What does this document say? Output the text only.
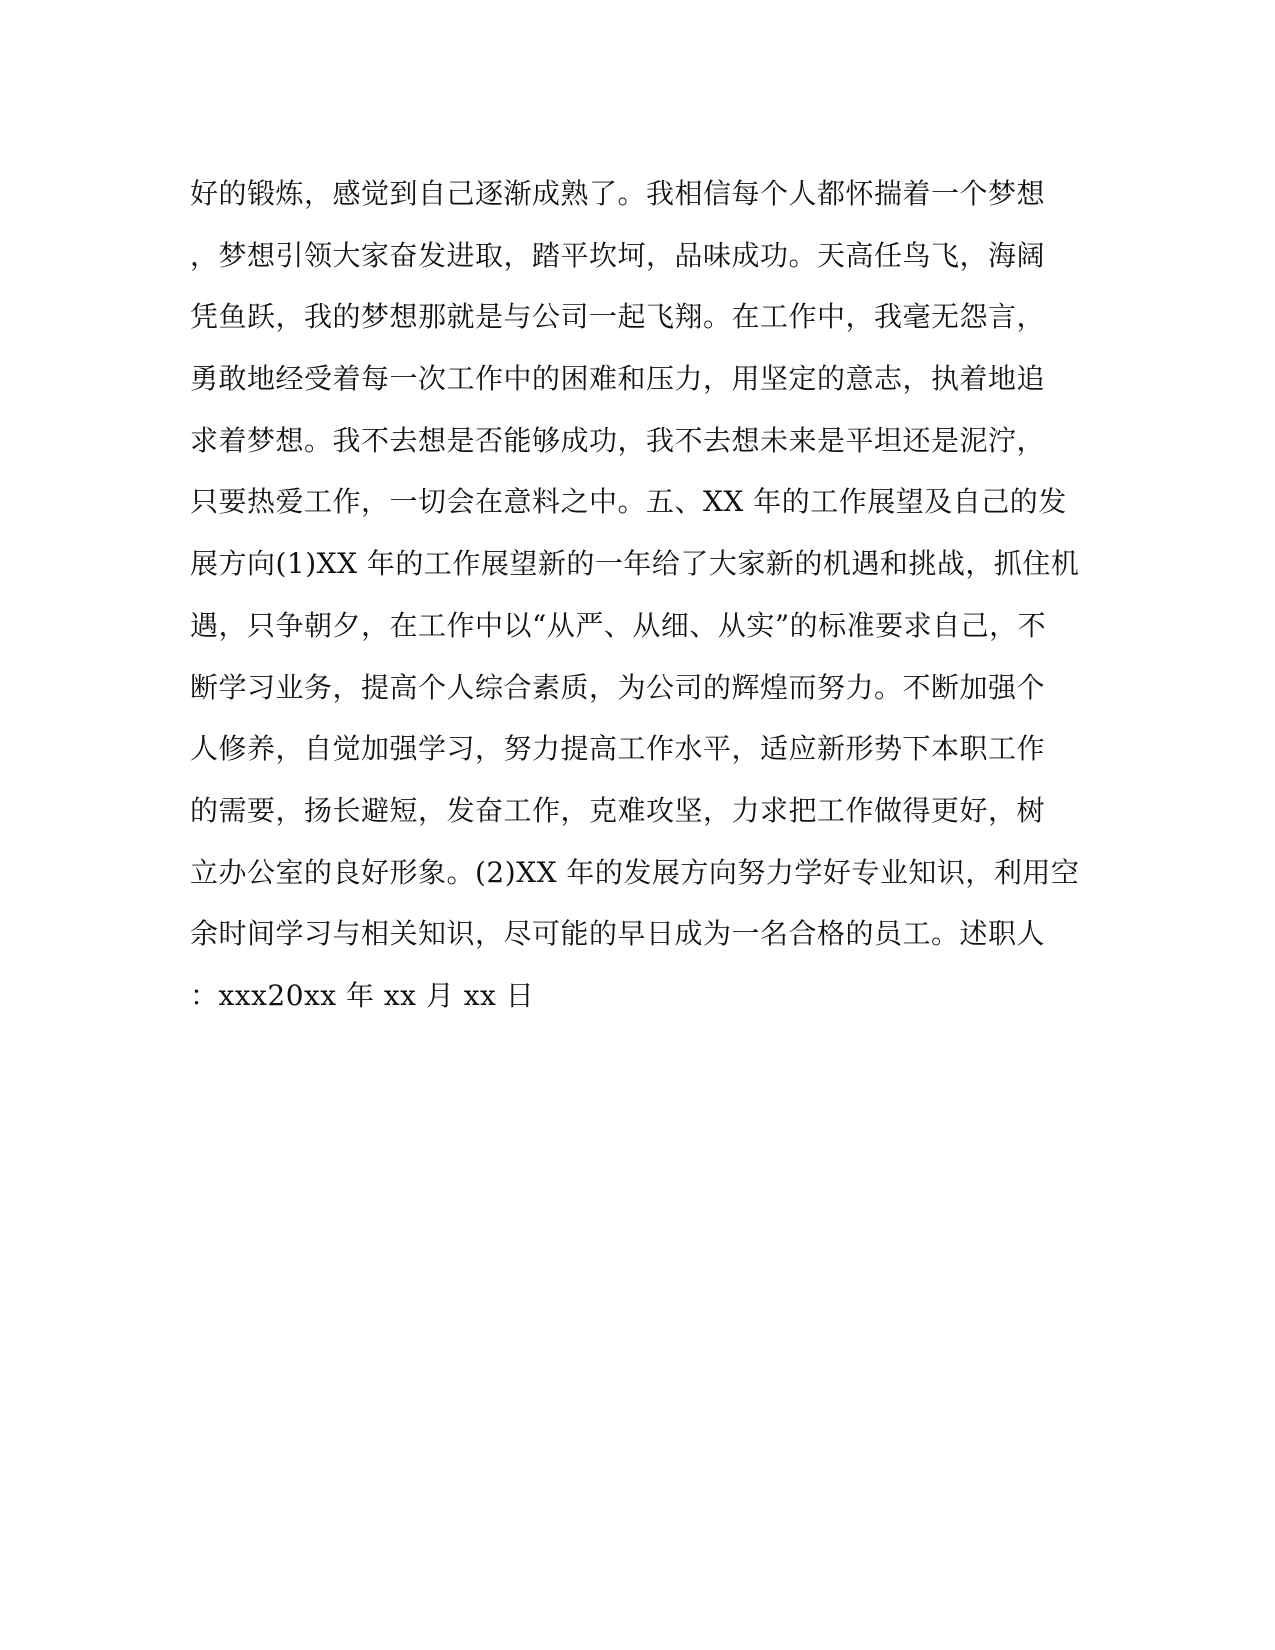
好的锻炼，感觉到自己逐渐成熟了。我相信每个人都怀揣着一个梦想
，梦想引领大家奋发进取，踏平坎坷，品味成功。天高任鸟飞，海阔
凭鱼跃，我的梦想那就是与公司一起飞翔。在工作中，我毫无怨言，
勇敢地经受着每一次工作中的困难和压力，用坚定的意志，执着地追
求着梦想。我不去想是否能够成功，我不去想未来是平坦还是泥泞，
只要热爱工作，一切会在意料之中。五、XX 年的工作展望及自己的发
展方向(1)XX 年的工作展望新的一年给了大家新的机遇和挑战，抓住机
遇，只争朝夕，在工作中以“从严、从细、从实”的标准要求自己，不
断学习业务，提高个人综合素质，为公司的辉煌而努力。不断加强个
人修养，自觉加强学习，努力提高工作水平，适应新形势下本职工作
的需要，扬长避短，发奋工作，克难攻坚，力求把工作做得更好，树
立办公室的良好形象。(2)XX 年的发展方向努力学好专业知识，利用空
余时间学习与相关知识，尽可能的早日成为一名合格的员工。述职人
：xxx20xx 年 xx 月 xx 日
